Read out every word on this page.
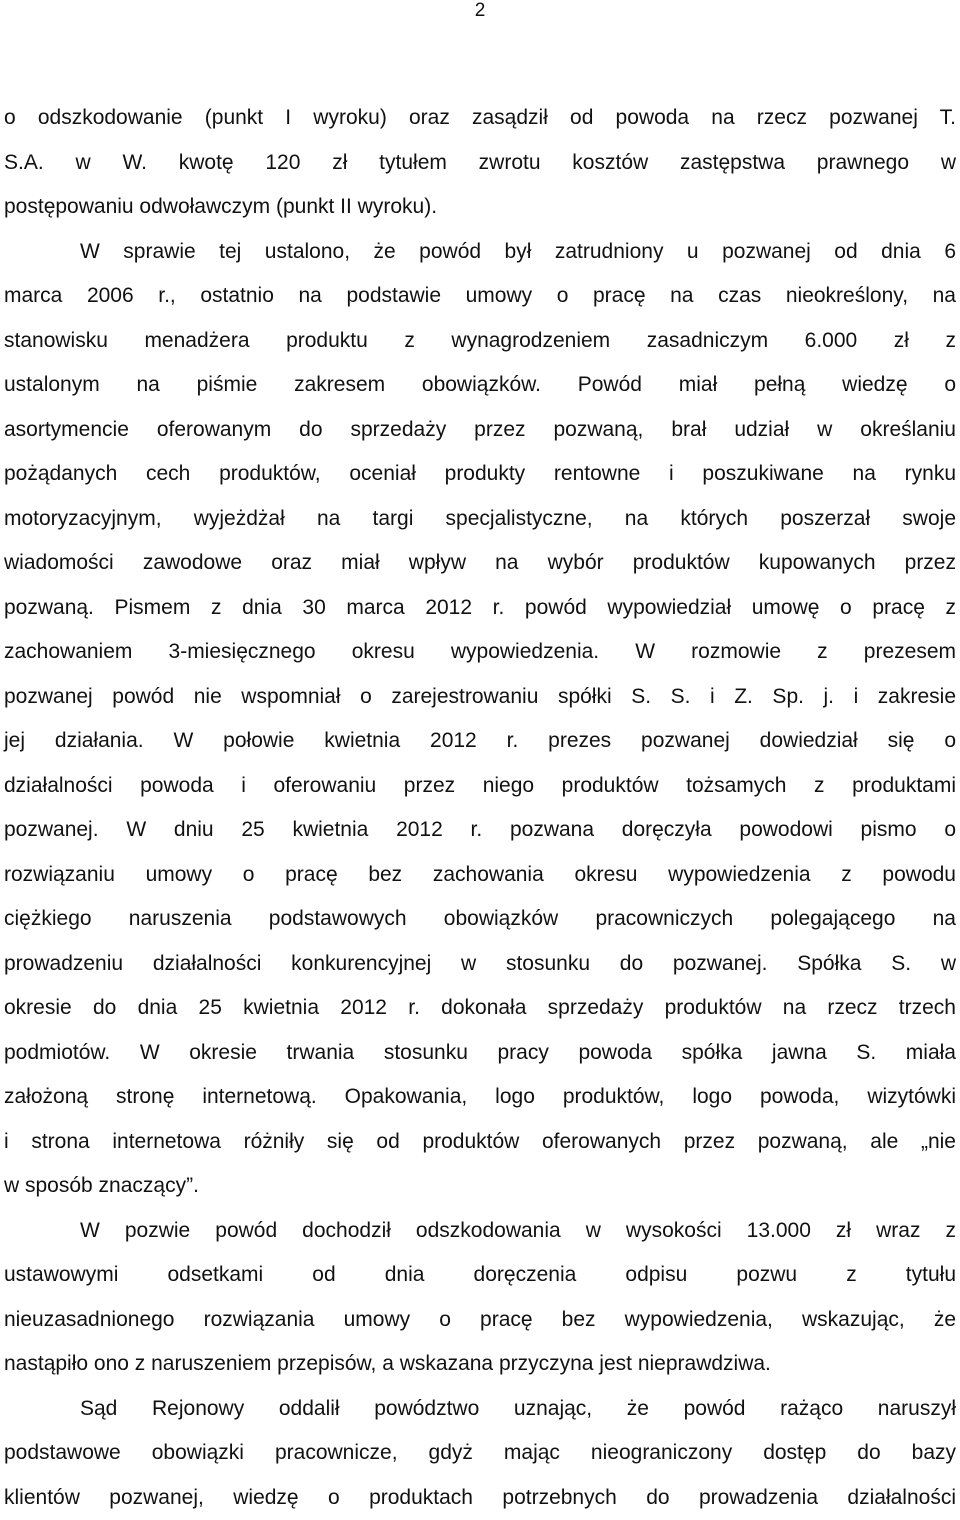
2

o odszkodowanie (punkt I wyroku) oraz zasądził od powoda na rzecz pozwanej T.
S.A. w W. kwotę 120 zł tytułem zwrotu kosztów zastępstwa prawnego w
postępowaniu odwoławczym (punkt II wyroku).
W sprawie tej ustalono, że powód był zatrudniony u pozwanej od dnia 6
marca 2006 r., ostatnio na podstawie umowy o pracę na czas nieokreślony, na
stanowisku menadżera produktu z wynagrodzeniem zasadniczym 6.000 zł z
ustalonym na piśmie zakresem obowiązków. Powód miał pełną wiedzę o
asortymencie oferowanym do sprzedaży przez pozwaną, brał udział w określaniu
pożądanych cech produktów, oceniał produkty rentowne i poszukiwane na rynku
motoryzacyjnym, wyjeżdżał na targi specjalistyczne, na których poszerzał swoje
wiadomości zawodowe oraz miał wpływ na wybór produktów kupowanych przez
pozwaną. Pismem z dnia 30 marca 2012 r. powód wypowiedział umowę o pracę z
zachowaniem 3-miesięcznego okresu wypowiedzenia. W rozmowie z prezesem
pozwanej powód nie wspomniał o zarejestrowaniu spółki S. S. i Z. Sp. j. i zakresie
jej działania. W połowie kwietnia 2012 r. prezes pozwanej dowiedział się o
działalności powoda i oferowaniu przez niego produktów tożsamych z produktami
pozwanej. W dniu 25 kwietnia 2012 r. pozwana doręczyła powodowi pismo o
rozwiązaniu umowy o pracę bez zachowania okresu wypowiedzenia z powodu
ciężkiego naruszenia podstawowych obowiązków pracowniczych polegającego na
prowadzeniu działalności konkurencyjnej w stosunku do pozwanej. Spółka S. w
okresie do dnia 25 kwietnia 2012 r. dokonała sprzedaży produktów na rzecz trzech
podmiotów. W okresie trwania stosunku pracy powoda spółka jawna S. miała
założoną stronę internetową. Opakowania, logo produktów, logo powoda, wizytówki
i strona internetowa różniły się od produktów oferowanych przez pozwaną, ale „nie
w sposób znaczący”.
W pozwie powód dochodził odszkodowania w wysokości 13.000 zł wraz z
ustawowymi odsetkami od dnia doręczenia odpisu pozwu z tytułu
nieuzasadnionego rozwiązania umowy o pracę bez wypowiedzenia, wskazując, że
nastąpiło ono z naruszeniem przepisów, a wskazana przyczyna jest nieprawdziwa.
Sąd Rejonowy oddalił powództwo uznając, że powód rażąco naruszył
podstawowe obowiązki pracownicze, gdyż mając nieograniczony dostęp do bazy
klientów pozwanej, wiedzę o produktach potrzebnych do prowadzenia działalności
